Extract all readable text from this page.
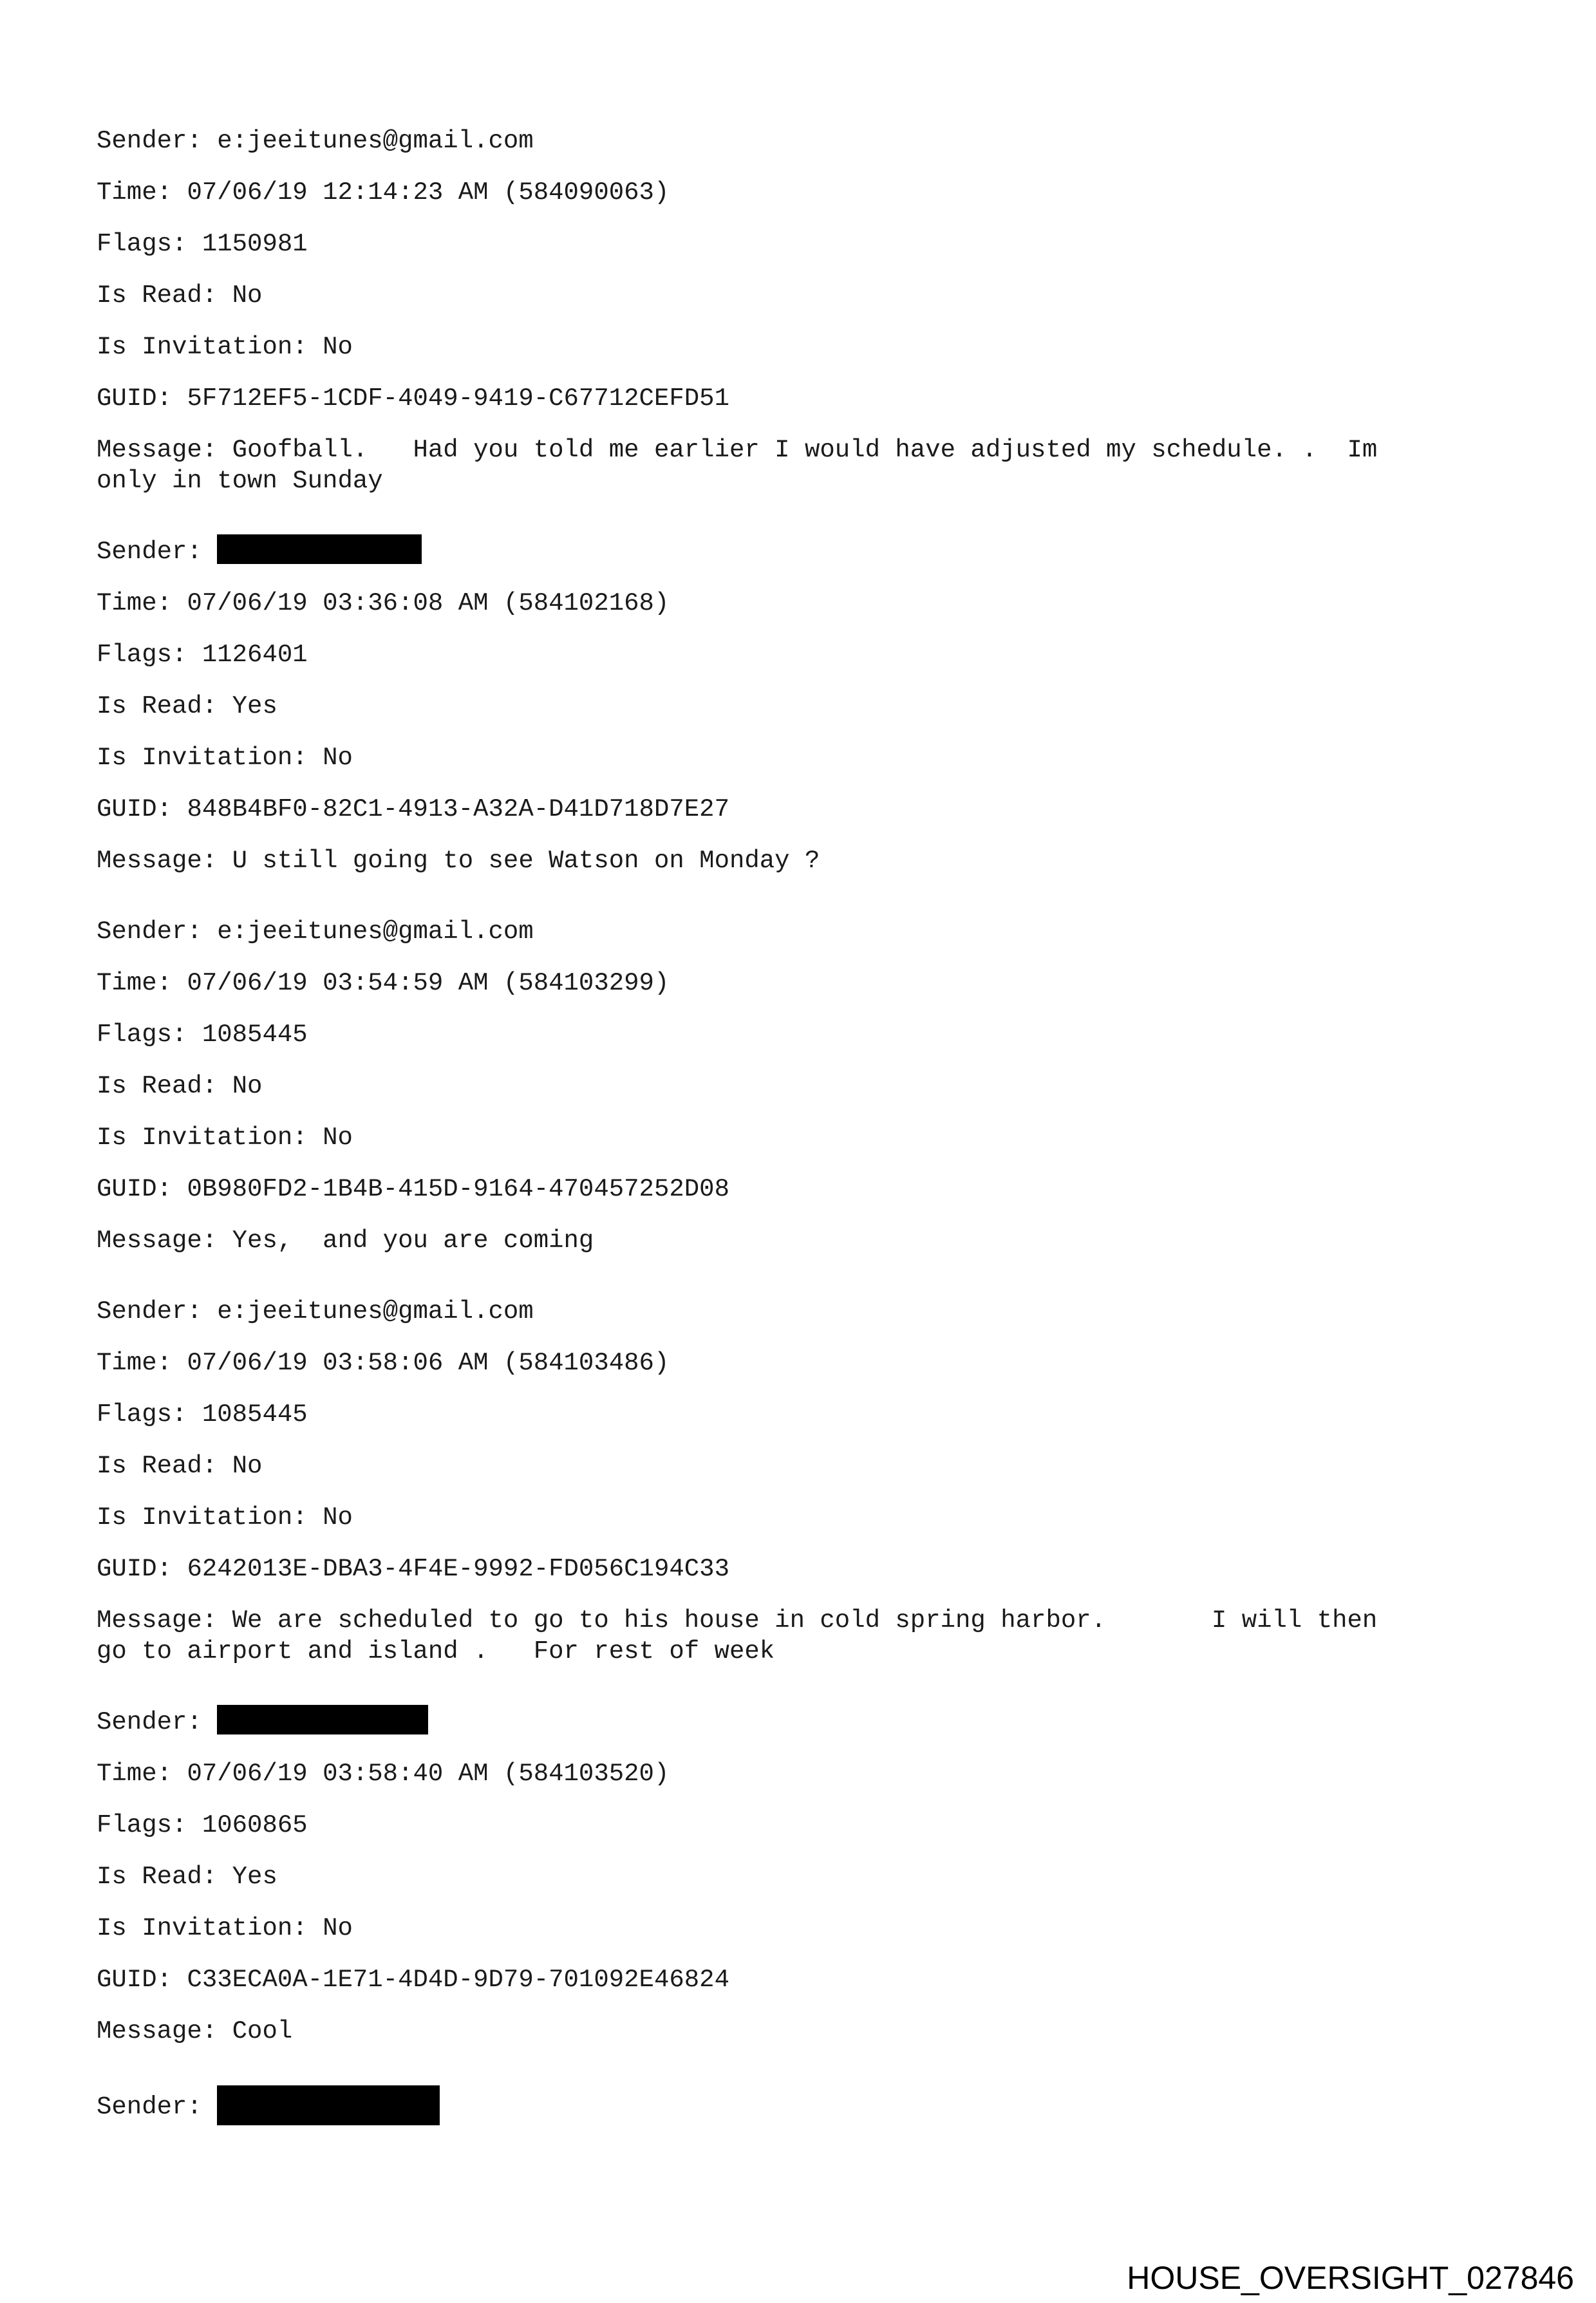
Sender: e:jeeitunes@gmail.com
Time: 07/06/19 12:14:23 AM (584090063)
Flags: 1150981
Is Read: No
Is Invitation: No
GUID: 5F712EF5-1CDF-4049-9419-C67712CEFD51
Message: Goofball.   Had you told me earlier I would have adjusted my schedule. .  Im
only in town Sunday
Sender:
Time: 07/06/19 03:36:08 AM (584102168)
Flags: 1126401
Is Read: Yes
Is Invitation: No
GUID: 848B4BF0-82C1-4913-A32A-D41D718D7E27
Message: U still going to see Watson on Monday ?
Sender: e:jeeitunes@gmail.com
Time: 07/06/19 03:54:59 AM (584103299)
Flags: 1085445
Is Read: No
Is Invitation: No
GUID: 0B980FD2-1B4B-415D-9164-470457252D08
Message: Yes,  and you are coming
Sender: e:jeeitunes@gmail.com
Time: 07/06/19 03:58:06 AM (584103486)
Flags: 1085445
Is Read: No
Is Invitation: No
GUID: 6242013E-DBA3-4F4E-9992-FD056C194C33
Message: We are scheduled to go to his house in cold spring harbor.       I will then
go to airport and island .   For rest of week
Sender:
Time: 07/06/19 03:58:40 AM (584103520)
Flags: 1060865
Is Read: Yes
Is Invitation: No
GUID: C33ECA0A-1E71-4D4D-9D79-701092E46824
Message: Cool
Sender:
HOUSE_OVERSIGHT_027846
